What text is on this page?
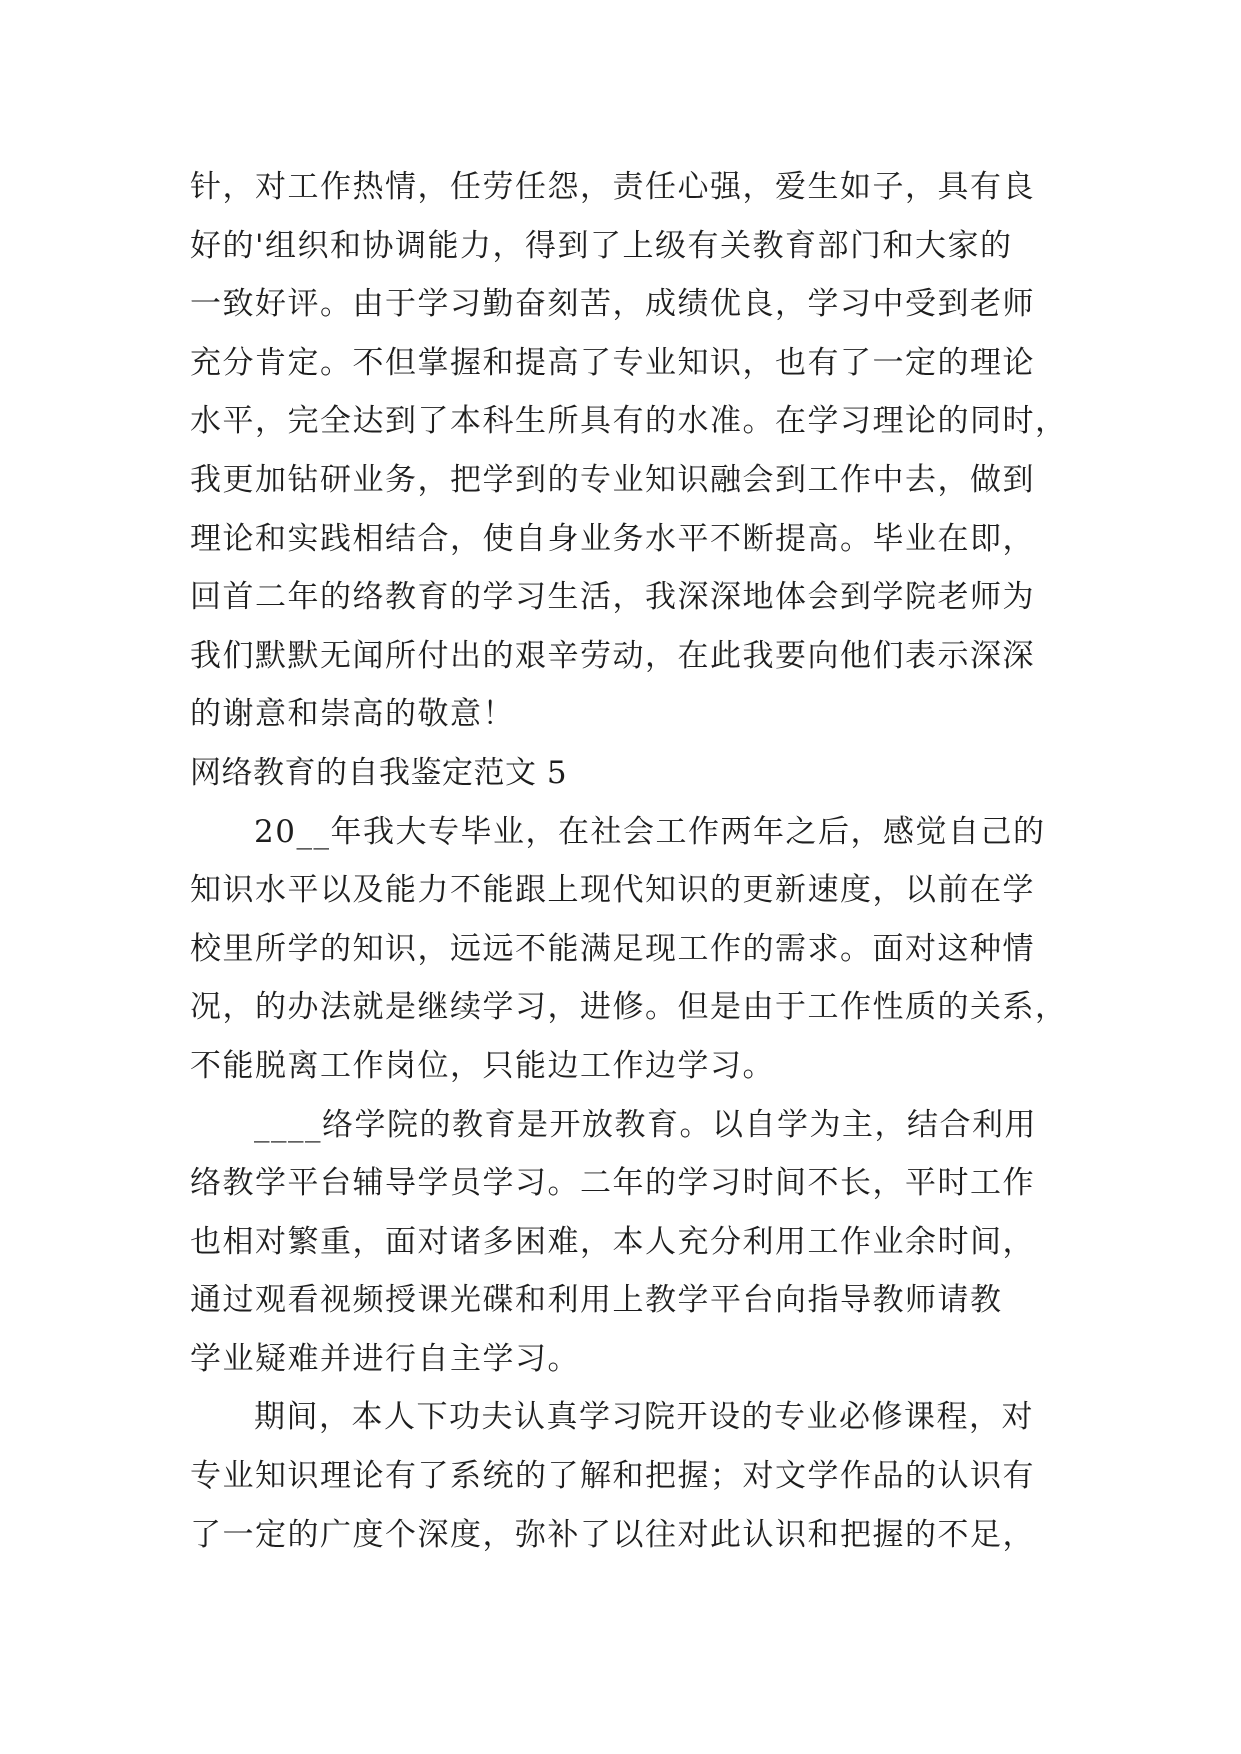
针，对工作热情，任劳任怨，责任心强，爱生如子，具有良
好的'组织和协调能力，得到了上级有关教育部门和大家的
一致好评。由于学习勤奋刻苦，成绩优良，学习中受到老师
充分肯定。不但掌握和提高了专业知识，也有了一定的理论
水平，完全达到了本科生所具有的水准。在学习理论的同时，
我更加钻研业务，把学到的专业知识融会到工作中去，做到
理论和实践相结合，使自身业务水平不断提高。毕业在即，
回首二年的络教育的学习生活，我深深地体会到学院老师为
我们默默无闻所付出的艰辛劳动，在此我要向他们表示深深
的谢意和崇高的敬意！
网络教育的自我鉴定范文 5
20__年我大专毕业，在社会工作两年之后，感觉自己的
知识水平以及能力不能跟上现代知识的更新速度，以前在学
校里所学的知识，远远不能满足现工作的需求。面对这种情
况，的办法就是继续学习，进修。但是由于工作性质的关系，
不能脱离工作岗位，只能边工作边学习。
____络学院的教育是开放教育。以自学为主，结合利用
络教学平台辅导学员学习。二年的学习时间不长，平时工作
也相对繁重，面对诸多困难，本人充分利用工作业余时间，
通过观看视频授课光碟和利用上教学平台向指导教师请教
学业疑难并进行自主学习。
期间，本人下功夫认真学习院开设的专业必修课程，对
专业知识理论有了系统的了解和把握；对文学作品的认识有
了一定的广度个深度，弥补了以往对此认识和把握的不足，
